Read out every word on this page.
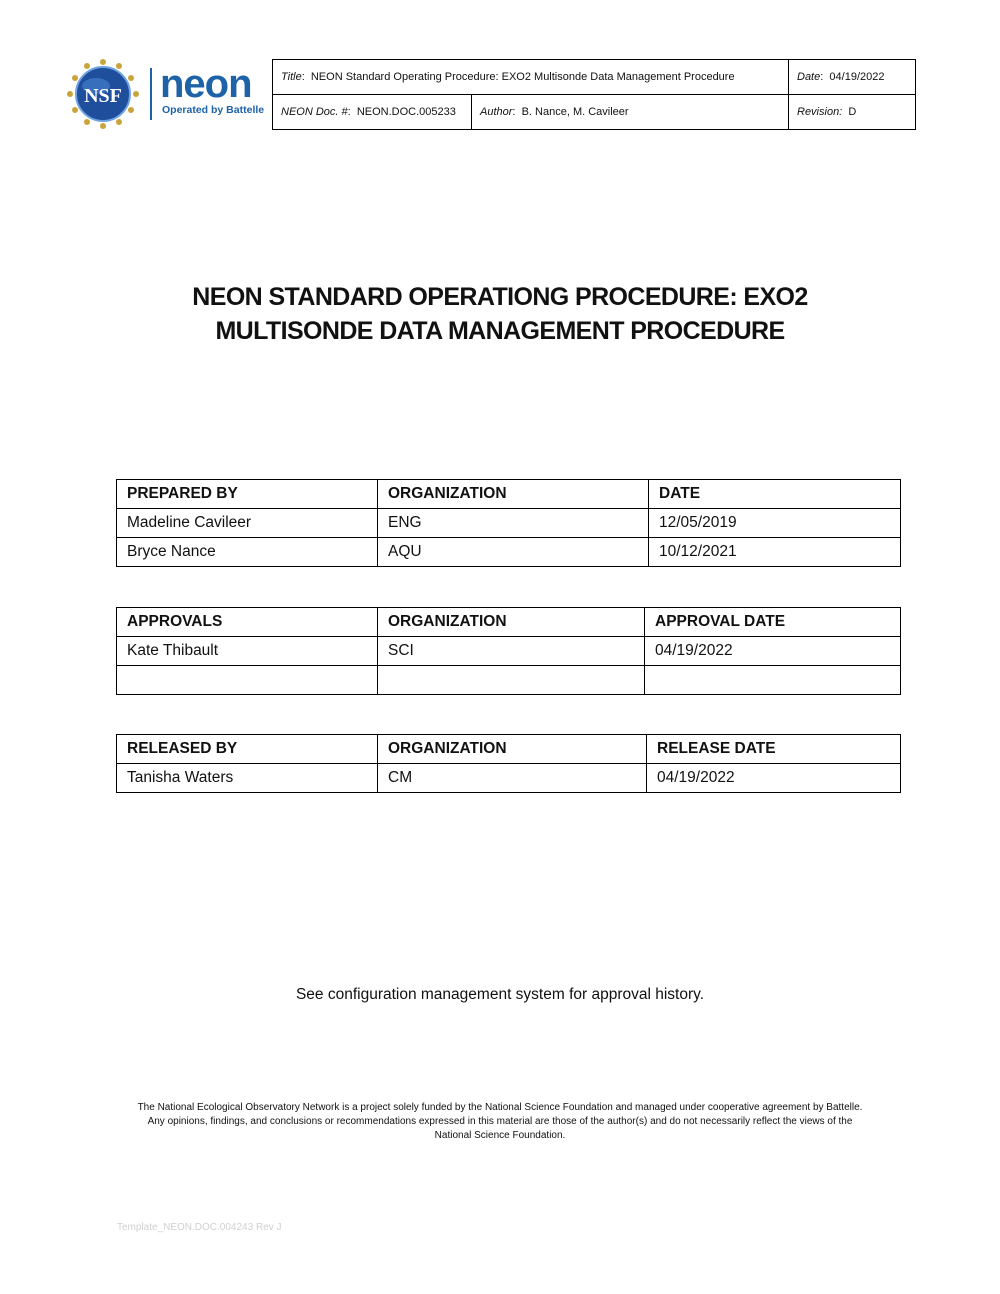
NSF neon
Operated by Battelle
Title:  NEON Standard Operating Procedure: EXO2 Multisonde Data Management Procedure		Date:  04/19/2022
NEON Doc. #:  NEON.DOC.005233	Author:  B. Nance, M. Cavileer	Revision: D
NEON STANDARD OPERATIONG PROCEDURE: EXO2
MULTISONDE DATA MANAGEMENT PROCEDURE
PREPARED BY	ORGANIZATION	DATE
Madeline Cavileer	ENG	12/05/2019
Bryce Nance	AQU	10/12/2021
APPROVALS	ORGANIZATION	APPROVAL DATE
Kate Thibault	SCI	04/19/2022

RELEASED BY	ORGANIZATION	RELEASE DATE
Tanisha Waters	CM	04/19/2022
See configuration management system for approval history.
The National Ecological Observatory Network is a project solely funded by the National Science Foundation and managed under cooperative agreement by Battelle.
Any opinions, findings, and conclusions or recommendations expressed in this material are those of the author(s) and do not necessarily reflect the views of the
National Science Foundation.
Template_NEON.DOC.004243 Rev J
